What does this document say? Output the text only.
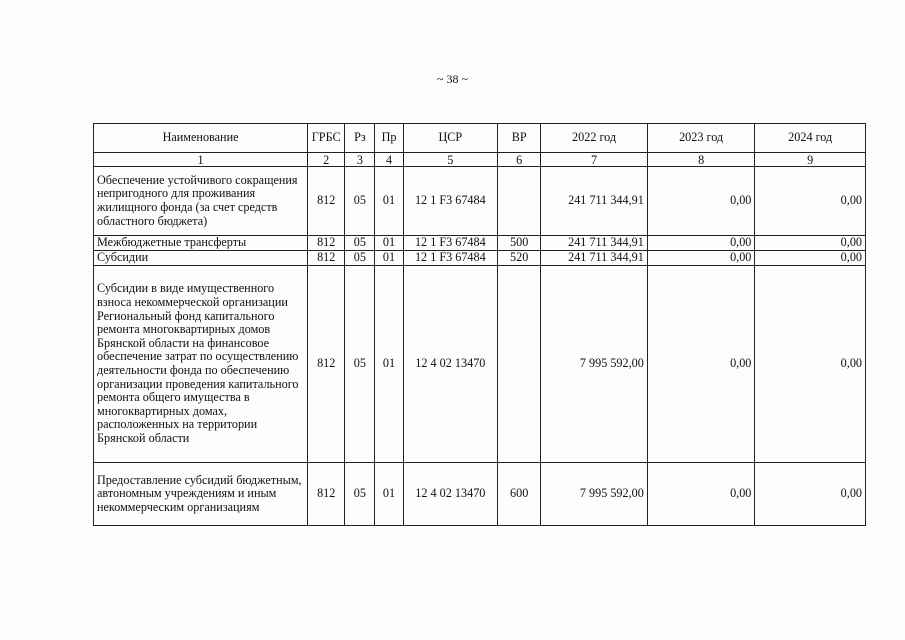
~ 38 ~
Наименование	ГРБС	Рз	Пр	ЦСР	ВР	2022 год	2023 год	2024 год
1	2	3	4	5	6	7	8	9
Обеспечение устойчивого сокращения непригодного для проживания жилищного фонда (за счет средств областного бюджета)	812	05	01	12 1 F3 67484		241 711 344,91	0,00	0,00
Межбюджетные трансферты	812	05	01	12 1 F3 67484	500	241 711 344,91	0,00	0,00
Субсидии	812	05	01	12 1 F3 67484	520	241 711 344,91	0,00	0,00
Субсидии в виде имущественного взноса некоммерческой организации Региональный фонд капитального ремонта многоквартирных домов Брянской области на финансовое обеспечение затрат по осуществлению деятельности фонда по обеспечению организации проведения капитального ремонта общего имущества в многоквартирных домах, расположенных на территории Брянской области	812	05	01	12 4 02 13470		7 995 592,00	0,00	0,00
Предоставление субсидий бюджетным, автономным учреждениям и иным некоммерческим организациям	812	05	01	12 4 02 13470	600	7 995 592,00	0,00	0,00
